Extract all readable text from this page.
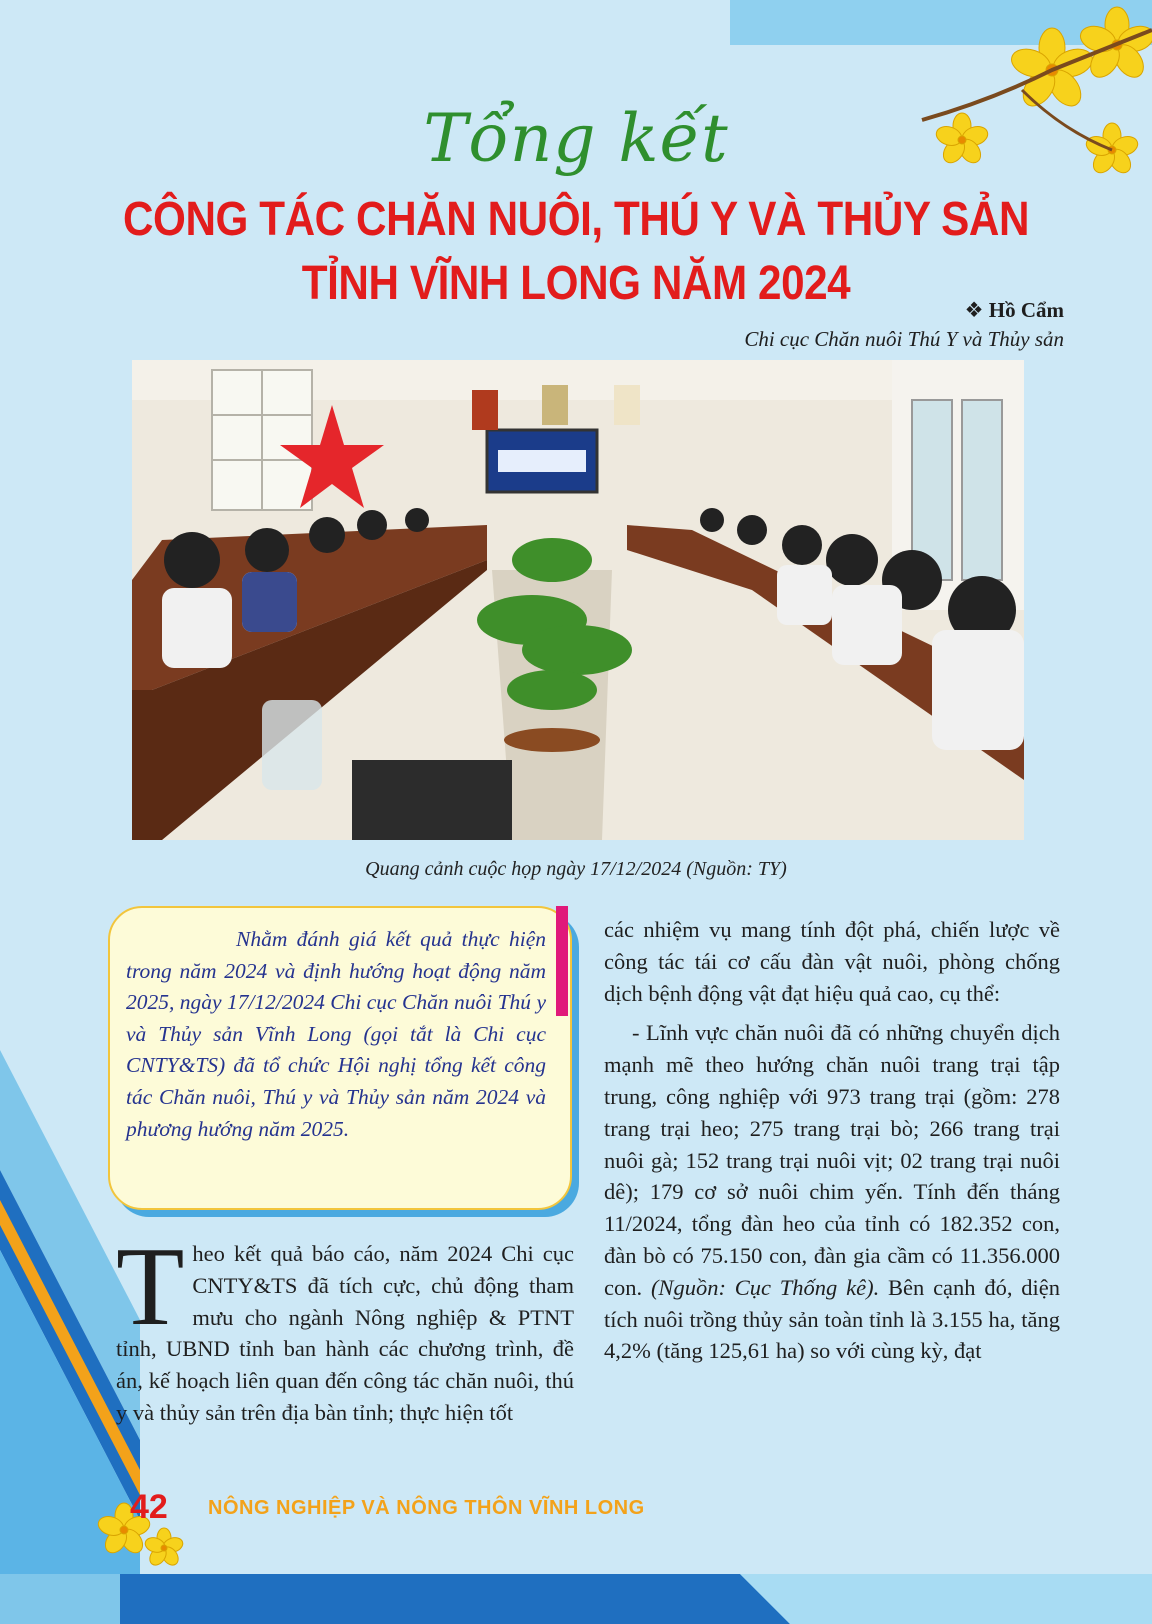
Tổng kết
CÔNG TÁC CHĂN NUÔI, THÚ Y VÀ THỦY SẢN
TỈNH VĨNH LONG NĂM 2024	❖ Hồ Cẩm
Chi cục Chăn nuôi Thú Y và Thủy sản
Quang cảnh cuộc họp ngày 17/12/2024 (Nguồn: TY)
Nhằm đánh giá kết quả thực hiện trong năm 2024 và định hướng hoạt động năm 2025, ngày 17/12/2024 Chi cục Chăn nuôi Thú y và Thủy sản Vĩnh Long (gọi tắt là Chi cục CNTY&TS) đã tổ chức Hội nghị tổng kết công tác Chăn nuôi, Thú y và Thủy sản năm 2024 và phương hướng năm 2025.
Theo kết quả báo cáo, năm 2024 Chi cục CNTY&TS đã tích cực, chủ động tham mưu cho ngành Nông nghiệp & PTNT tỉnh, UBND tỉnh ban hành các chương trình, đề án, kế hoạch liên quan đến công tác chăn nuôi, thú y và thủy sản trên địa bàn tỉnh; thực hiện tốt

các nhiệm vụ mang tính đột phá, chiến lược về công tác tái cơ cấu đàn vật nuôi, phòng chống dịch bệnh động vật đạt hiệu quả cao, cụ thể:

- Lĩnh vực chăn nuôi đã có những chuyển dịch mạnh mẽ theo hướng chăn nuôi trang trại tập trung, công nghiệp với 973 trang trại (gồm: 278 trang trại heo; 275 trang trại bò; 266 trang trại nuôi gà; 152 trang trại nuôi vịt; 02 trang trại nuôi dê); 179 cơ sở nuôi chim yến. Tính đến tháng 11/2024, tổng đàn heo của tỉnh có 182.352 con, đàn bò có 75.150 con, đàn gia cầm có 11.356.000 con. (Nguồn: Cục Thống kê). Bên cạnh đó, diện tích nuôi trồng thủy sản toàn tỉnh là 3.155 ha, tăng 4,2% (tăng 125,61 ha) so với cùng kỳ, đạt

42 NÔNG NGHIỆP VÀ NÔNG THÔN VĨNH LONG
